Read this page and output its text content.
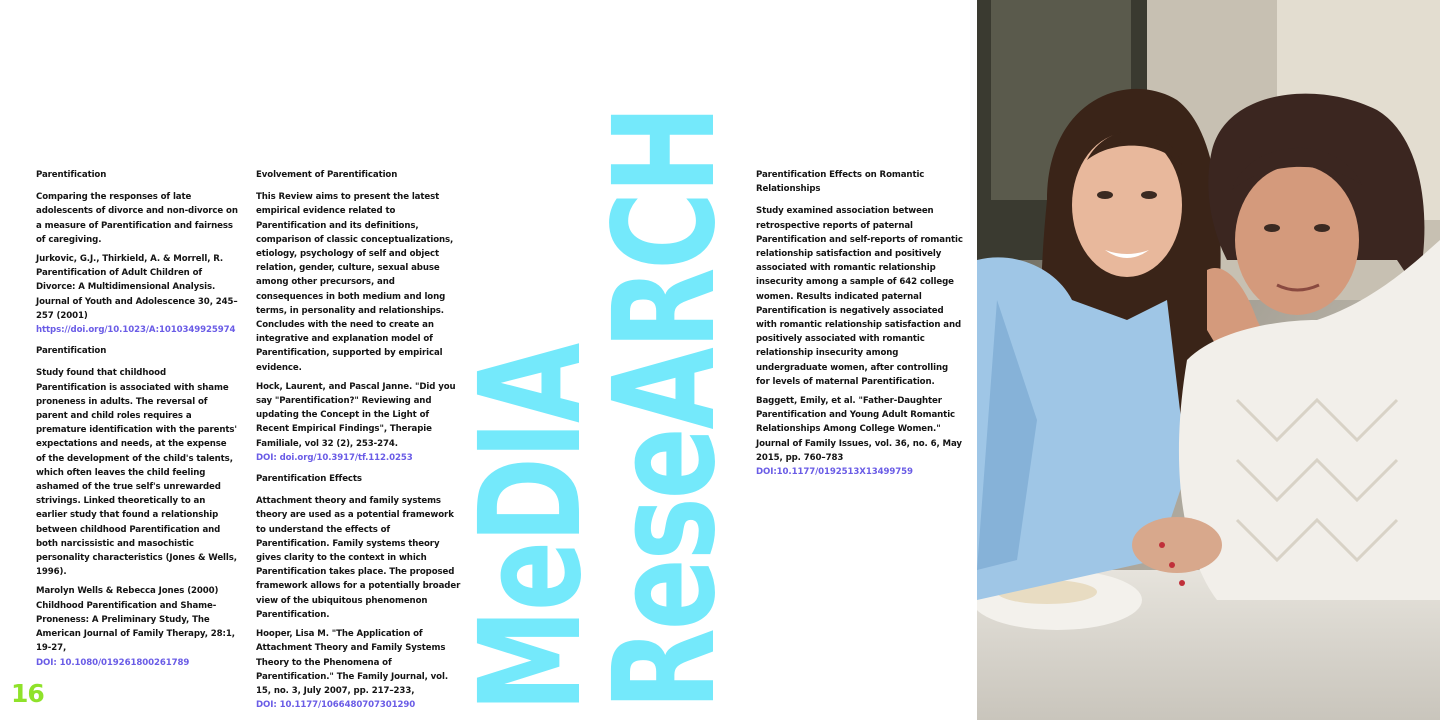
Parentification
Comparing the responses of late adolescents of divorce and non-divorce on a measure of Parentification and fairness of caregiving.
Jurkovic, G.J., Thirkield, A. & Morrell, R. Parentification of Adult Children of Divorce: A Multidimensional Analysis. Journal of Youth and Adolescence 30, 245–257 (2001)
https://doi.org/10.1023/A:1010349925974
Parentification
Study found that childhood Parentification is associated with shame proneness in adults. The reversal of parent and child roles requires a premature identification with the parents' expectations and needs, at the expense of the development of the child's talents, which often leaves the child feeling ashamed of the true self's unrewarded strivings. Linked theoretically to an earlier study that found a relationship between childhood Parentification and both narcissistic and masochistic personality characteristics (Jones & Wells, 1996).
Marolyn Wells & Rebecca Jones (2000) Childhood Parentification and Shame-Proneness: A Preliminary Study, The American Journal of Family Therapy, 28:1, 19-27,
DOI: 10.1080/019261800261789
Evolvement of Parentification
This Review aims to present the latest empirical evidence related to Parentification and its definitions, comparison of classic conceptualizations, etiology, psychology of self and object relation, gender, culture, sexual abuse among other precursors, and consequences in both medium and long terms, in personality and relationships. Concludes with the need to create an integrative and explanation model of Parentification, supported by empirical evidence.
Hock, Laurent, and Pascal Janne. "Did you say "Parentification?" Reviewing and updating the Concept in the Light of Recent Empirical Findings", Therapie Familiale, vol 32 (2), 253-274.
DOI: doi.org/10.3917/tf.112.0253
Parentification Effects
Attachment theory and family systems theory are used as a potential framework to understand the effects of Parentification. Family systems theory gives clarity to the context in which Parentification takes place. The proposed framework allows for a potentially broader view of the ubiquitous phenomenon Parentification.
Hooper, Lisa M. "The Application of Attachment Theory and Family Systems Theory to the Phenomena of Parentification." The Family Journal, vol. 15, no. 3, July 2007, pp. 217–233,
DOI: 10.1177/1066480707301290 MeDIA
ReseARCH Parentification Effects on Romantic Relationships
Study examined association between retrospective reports of paternal Parentification and self-reports of romantic relationship satisfaction and positively associated with romantic relationship insecurity among a sample of 642 college women. Results indicated paternal Parentification is negatively associated with romantic relationship satisfaction and positively associated with romantic relationship insecurity among undergraduate women, after controlling for levels of maternal Parentification.
Baggett, Emily, et al. "Father-Daughter Parentification and Young Adult Romantic Relationships Among College Women." Journal of Family Issues, vol. 36, no. 6, May 2015, pp. 760–783
DOI:10.1177/0192513X13499759
16
